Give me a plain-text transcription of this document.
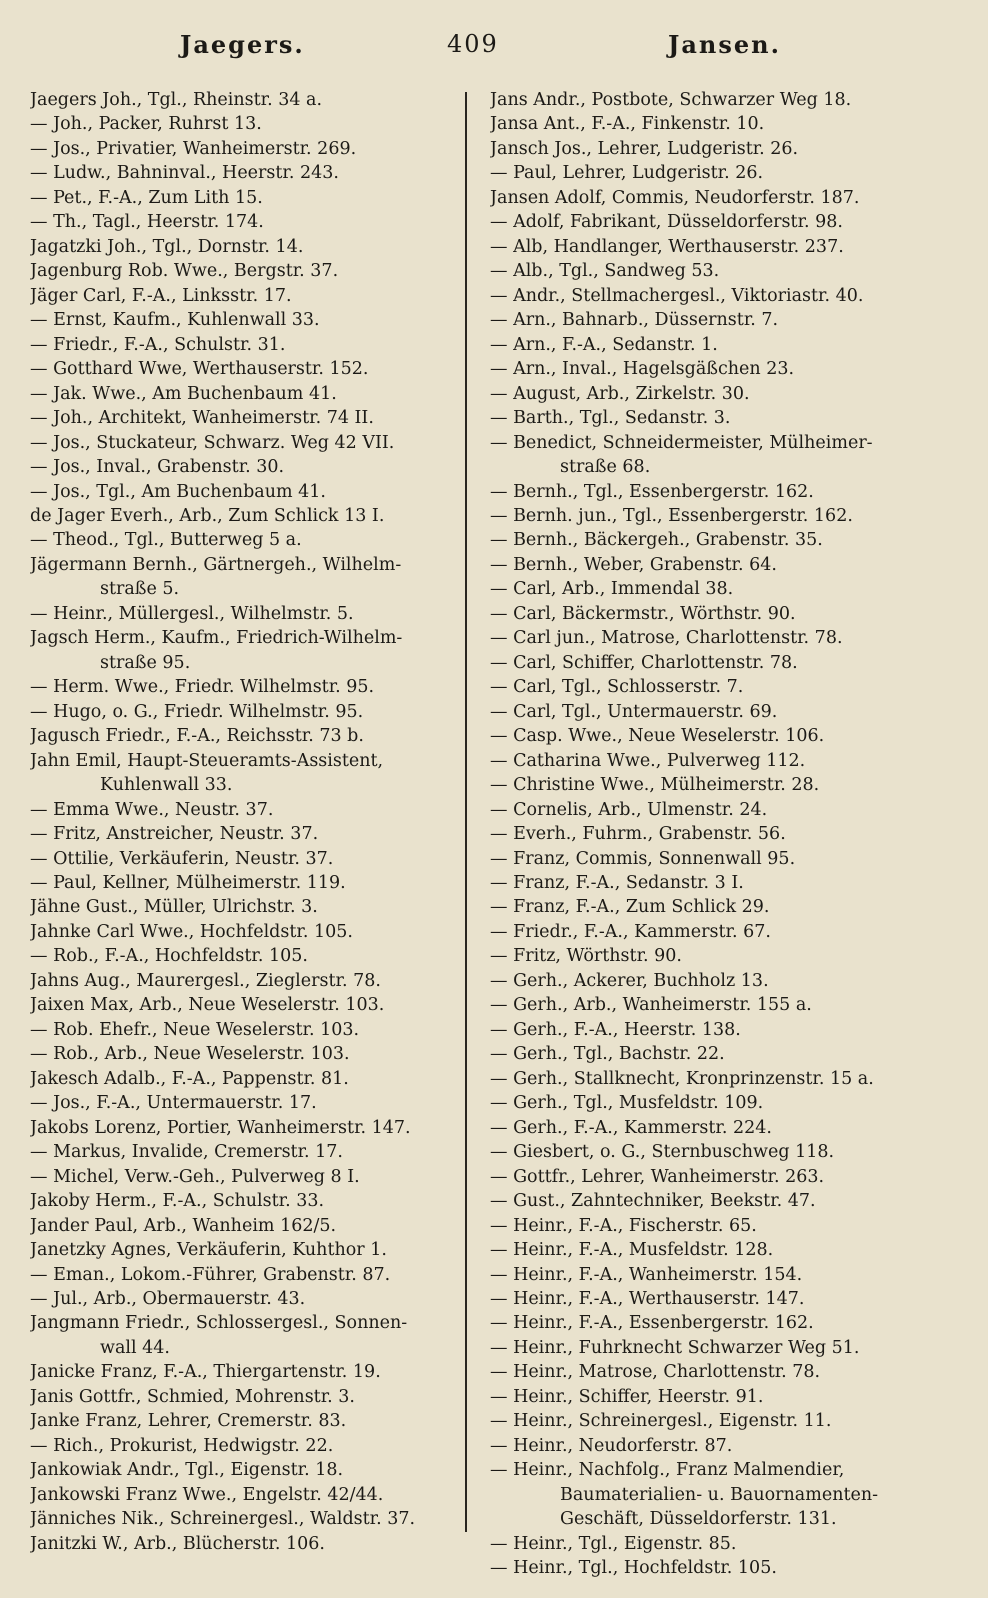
Jaegers.	409	Jansen.
Jaegers Joh., Tgl., Rheinstr. 34 a.
— Joh., Packer, Ruhrst 13.
— Jos., Privatier, Wanheimerstr. 269.
— Ludw., Bahninval., Heerstr. 243.
— Pet., F.-A., Zum Lith 15.
— Th., Tagl., Heerstr. 174.
Jagatzki Joh., Tgl., Dornstr. 14.
Jagenburg Rob. Wwe., Bergstr. 37.
Jäger Carl, F.-A., Linksstr. 17.
— Ernst, Kaufm., Kuhlenwall 33.
— Friedr., F.-A., Schulstr. 31.
— Gotthard Wwe, Werthauserstr. 152.
— Jak. Wwe., Am Buchenbaum 41.
— Joh., Architekt, Wanheimerstr. 74 II.
— Jos., Stuckateur, Schwarz. Weg 42 VII.
— Jos., Inval., Grabenstr. 30.
— Jos., Tgl., Am Buchenbaum 41.
de Jager Everh., Arb., Zum Schlick 13 I.
— Theod., Tgl., Butterweg 5 a.
Jägermann Bernh., Gärtnergeh., Wilhelm-
straße 5.
— Heinr., Müllergesl., Wilhelmstr. 5.
Jagsch Herm., Kaufm., Friedrich-Wilhelm-
straße 95.
— Herm. Wwe., Friedr. Wilhelmstr. 95.
— Hugo, o. G., Friedr. Wilhelmstr. 95.
Jagusch Friedr., F.-A., Reichsstr. 73 b.
Jahn Emil, Haupt-Steueramts-Assistent,
Kuhlenwall 33.
— Emma Wwe., Neustr. 37.
— Fritz, Anstreicher, Neustr. 37.
— Ottilie, Verkäuferin, Neustr. 37.
— Paul, Kellner, Mülheimerstr. 119.
Jähne Gust., Müller, Ulrichstr. 3.
Jahnke Carl Wwe., Hochfeldstr. 105.
— Rob., F.-A., Hochfeldstr. 105.
Jahns Aug., Maurergesl., Zieglerstr. 78.
Jaixen Max, Arb., Neue Weselerstr. 103.
— Rob. Ehefr., Neue Weselerstr. 103.
— Rob., Arb., Neue Weselerstr. 103.
Jakesch Adalb., F.-A., Pappenstr. 81.
— Jos., F.-A., Untermauerstr. 17.
Jakobs Lorenz, Portier, Wanheimerstr. 147.
— Markus, Invalide, Cremerstr. 17.
— Michel, Verw.-Geh., Pulverweg 8 I.
Jakoby Herm., F.-A., Schulstr. 33.
Jander Paul, Arb., Wanheim 162/5.
Janetzky Agnes, Verkäuferin, Kuhthor 1.
— Eman., Lokom.-Führer, Grabenstr. 87.
— Jul., Arb., Obermauerstr. 43.
Jangmann Friedr., Schlossergesl., Sonnen-
wall 44.
Janicke Franz, F.-A., Thiergartenstr. 19.
Janis Gottfr., Schmied, Mohrenstr. 3.
Janke Franz, Lehrer, Cremerstr. 83.
— Rich., Prokurist, Hedwigstr. 22.
Jankowiak Andr., Tgl., Eigenstr. 18.
Jankowski Franz Wwe., Engelstr. 42/44.
Jänniches Nik., Schreinergesl., Waldstr. 37.
Janitzki W., Arb., Blücherstr. 106.
Jans Andr., Postbote, Schwarzer Weg 18.
Jansa Ant., F.-A., Finkenstr. 10.
Jansch Jos., Lehrer, Ludgeristr. 26.
— Paul, Lehrer, Ludgeristr. 26.
Jansen Adolf, Commis, Neudorferstr. 187.
— Adolf, Fabrikant, Düsseldorferstr. 98.
— Alb, Handlanger, Werthauserstr. 237.
— Alb., Tgl., Sandweg 53.
— Andr., Stellmachergesl., Viktoriastr. 40.
— Arn., Bahnarb., Düssernstr. 7.
— Arn., F.-A., Sedanstr. 1.
— Arn., Inval., Hagelsgäßchen 23.
— August, Arb., Zirkelstr. 30.
— Barth., Tgl., Sedanstr. 3.
— Benedict, Schneidermeister, Mülheimer-
straße 68.
— Bernh., Tgl., Essenbergerstr. 162.
— Bernh. jun., Tgl., Essenbergerstr. 162.
— Bernh., Bäckergeh., Grabenstr. 35.
— Bernh., Weber, Grabenstr. 64.
— Carl, Arb., Immendal 38.
— Carl, Bäckermstr., Wörthstr. 90.
— Carl jun., Matrose, Charlottenstr. 78.
— Carl, Schiffer, Charlottenstr. 78.
— Carl, Tgl., Schlosserstr. 7.
— Carl, Tgl., Untermauerstr. 69.
— Casp. Wwe., Neue Weselerstr. 106.
— Catharina Wwe., Pulverweg 112.
— Christine Wwe., Mülheimerstr. 28.
— Cornelis, Arb., Ulmenstr. 24.
— Everh., Fuhrm., Grabenstr. 56.
— Franz, Commis, Sonnenwall 95.
— Franz, F.-A., Sedanstr. 3 I.
— Franz, F.-A., Zum Schlick 29.
— Friedr., F.-A., Kammerstr. 67.
— Fritz, Wörthstr. 90.
— Gerh., Ackerer, Buchholz 13.
— Gerh., Arb., Wanheimerstr. 155 a.
— Gerh., F.-A., Heerstr. 138.
— Gerh., Tgl., Bachstr. 22.
— Gerh., Stallknecht, Kronprinzenstr. 15 a.
— Gerh., Tgl., Musfeldstr. 109.
— Gerh., F.-A., Kammerstr. 224.
— Giesbert, o. G., Sternbuschweg 118.
— Gottfr., Lehrer, Wanheimerstr. 263.
— Gust., Zahntechniker, Beekstr. 47.
— Heinr., F.-A., Fischerstr. 65.
— Heinr., F.-A., Musfeldstr. 128.
— Heinr., F.-A., Wanheimerstr. 154.
— Heinr., F.-A., Werthauserstr. 147.
— Heinr., F.-A., Essenbergerstr. 162.
— Heinr., Fuhrknecht Schwarzer Weg 51.
— Heinr., Matrose, Charlottenstr. 78.
— Heinr., Schiffer, Heerstr. 91.
— Heinr., Schreinergesl., Eigenstr. 11.
— Heinr., Neudorferstr. 87.
— Heinr., Nachfolg., Franz Malmendier,
Baumaterialien- u. Bauornamenten-
Geschäft, Düsseldorferstr. 131.
— Heinr., Tgl., Eigenstr. 85.
— Heinr., Tgl., Hochfeldstr. 105.
